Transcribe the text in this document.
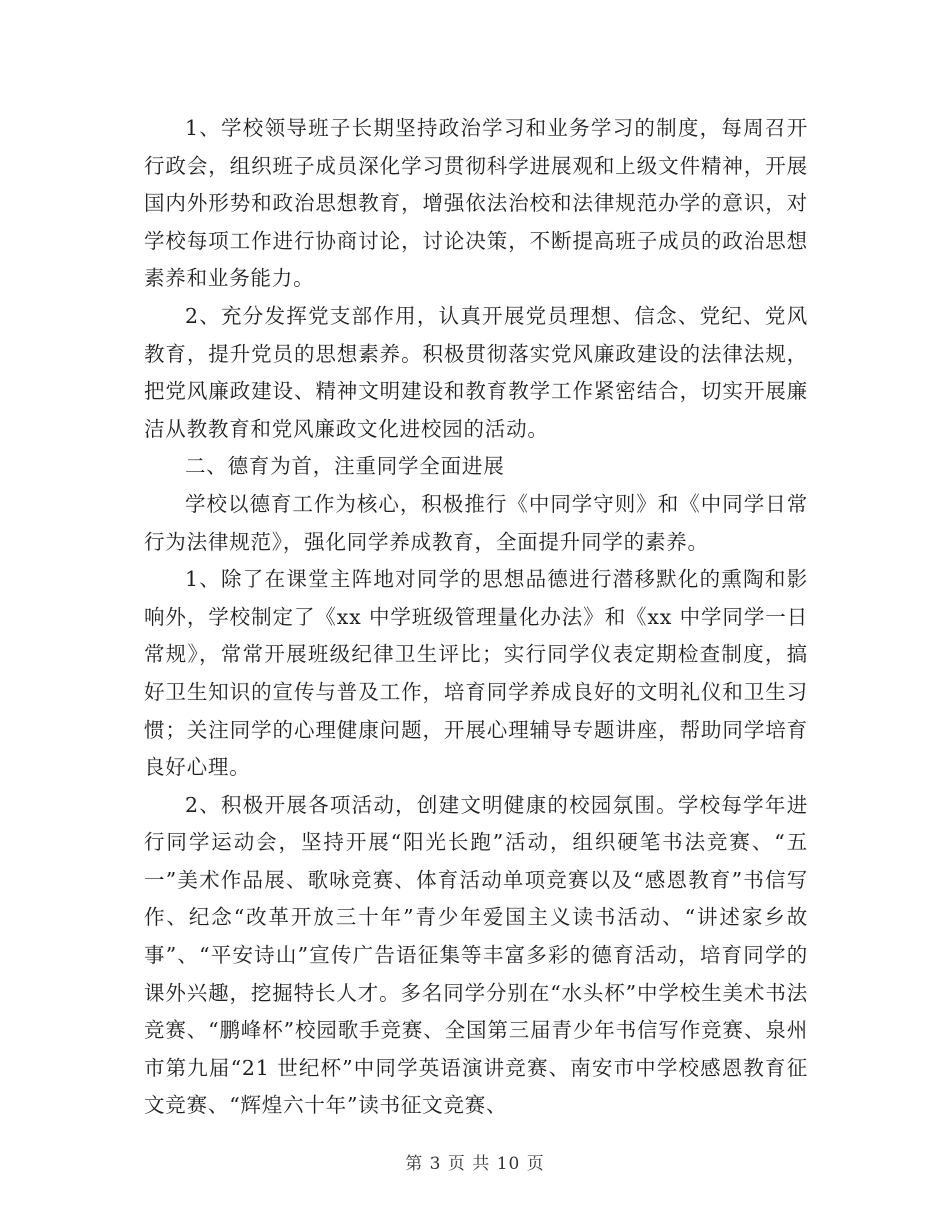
1、学校领导班子长期坚持政治学习和业务学习的制度，每周召开行政会，组织班子成员深化学习贯彻科学进展观和上级文件精神，开展国内外形势和政治思想教育，增强依法治校和法律规范办学的意识，对学校每项工作进行协商讨论，讨论决策，不断提高班子成员的政治思想素养和业务能力。

2、充分发挥党支部作用，认真开展党员理想、信念、党纪、党风教育，提升党员的思想素养。积极贯彻落实党风廉政建设的法律法规，把党风廉政建设、精神文明建设和教育教学工作紧密结合，切实开展廉洁从教教育和党风廉政文化进校园的活动。

二、德育为首，注重同学全面进展

学校以德育工作为核心，积极推行《中同学守则》和《中同学日常行为法律规范》，强化同学养成教育，全面提升同学的素养。

1、除了在课堂主阵地对同学的思想品德进行潜移默化的熏陶和影响外，学校制定了《xx 中学班级管理量化办法》和《xx 中学同学一日常规》，常常开展班级纪律卫生评比；实行同学仪表定期检查制度，搞好卫生知识的宣传与普及工作，培育同学养成良好的文明礼仪和卫生习惯；关注同学的心理健康问题，开展心理辅导专题讲座，帮助同学培育良好心理。

2、积极开展各项活动，创建文明健康的校园氛围。学校每学年进行同学运动会，坚持开展“阳光长跑”活动，组织硬笔书法竞赛、“五一”美术作品展、歌咏竞赛、体育活动单项竞赛以及“感恩教育”书信写作、纪念“改革开放三十年”青少年爱国主义读书活动、“讲述家乡故事”、“平安诗山”宣传广告语征集等丰富多彩的德育活动，培育同学的课外兴趣，挖掘特长人才。多名同学分别在“水头杯”中学校生美术书法竞赛、“鹏峰杯”校园歌手竞赛、全国第三届青少年书信写作竞赛、泉州市第九届“21 世纪杯”中同学英语演讲竞赛、南安市中学校感恩教育征文竞赛、“辉煌六十年”读书征文竞赛、

第 3 页 共 10 页
